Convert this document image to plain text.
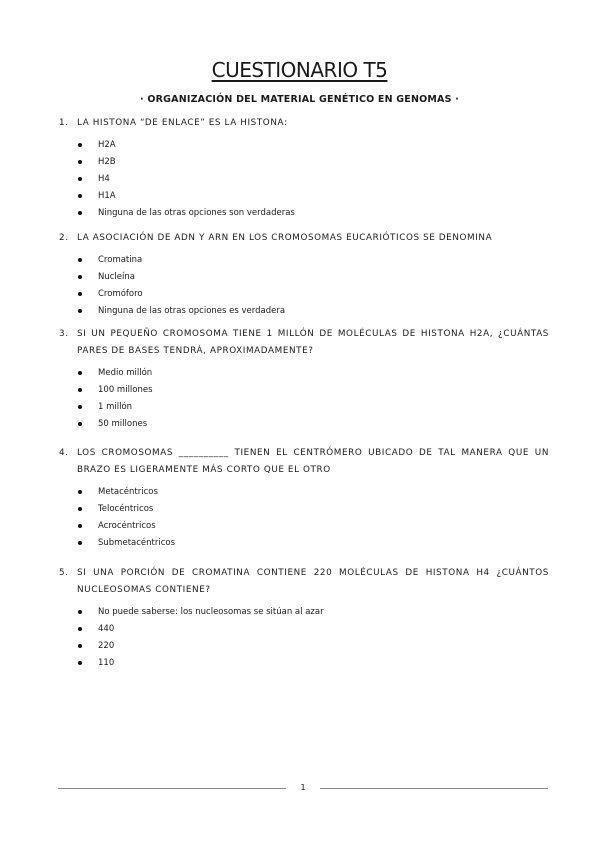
CUESTIONARIO T5
· ORGANIZACIÓN DEL MATERIAL GENÉTICO EN GENOMAS ·
1. LA HISTONA “DE ENLACE” ES LA HISTONA:
H2A
H2B
H4
H1A
Ninguna de las otras opciones son verdaderas
2. LA ASOCIACIÓN DE ADN Y ARN EN LOS CROMOSOMAS EUCARIÓTICOS SE DENOMINA
Cromatina
Nucleína
Cromóforo
Ninguna de las otras opciones es verdadera
3. SI UN PEQUEÑO CROMOSOMA TIENE 1 MILLÓN DE MOLÉCULAS DE HISTONA H2A, ¿CUÁNTAS PARES DE BASES TENDRÁ, APROXIMADAMENTE?
Medio millón
100 millones
1 millón
50 millones
4. LOS CROMOSOMAS __________ TIENEN EL CENTRÓMERO UBICADO DE TAL MANERA QUE UN BRAZO ES LIGERAMENTE MÁS CORTO QUE EL OTRO
Metacéntricos
Telocéntricos
Acrocéntricos
Submetacéntricos
5. SI UNA PORCIÓN DE CROMATINA CONTIENE 220 MOLÉCULAS DE HISTONA H4 ¿CUÁNTOS NUCLEOSOMAS CONTIENE?
No puede saberse: los nucleosomas se sitúan al azar
440
220
110
1
